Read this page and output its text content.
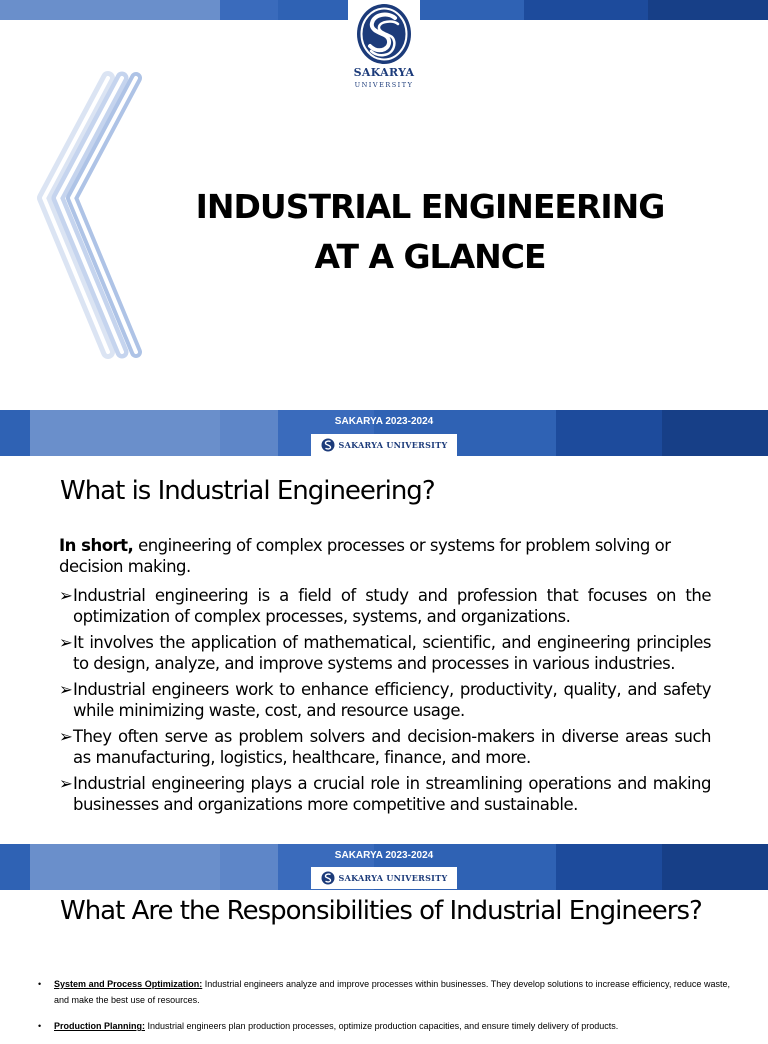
SAKARYA
UNIVERSITY
INDUSTRIAL ENGINEERING
AT A GLANCE
SAKARYA 2023-2024
SAKARYA UNIVERSITY
What is Industrial Engineering?

In short, engineering of complex processes or systems for problem solving or decision making.

➢Industrial engineering is a field of study and profession that focuses on the optimization of complex processes, systems, and organizations.

➢It involves the application of mathematical, scientific, and engineering principles to design, analyze, and improve systems and processes in various industries.

➢Industrial engineers work to enhance efficiency, productivity, quality, and safety while minimizing waste, cost, and resource usage.

➢They often serve as problem solvers and decision-makers in diverse areas such as manufacturing, logistics, healthcare, finance, and more.

➢Industrial engineering plays a crucial role in streamlining operations and making businesses and organizations more competitive and sustainable.

SAKARYA 2023-2024
SAKARYA UNIVERSITY
What Are the Responsibilities of Industrial Engineers?
• System and Process Optimization: Industrial engineers analyze and improve processes within businesses. They develop solutions to increase efficiency, reduce waste, and make the best use of resources.
• Production Planning: Industrial engineers plan production processes, optimize production capacities, and ensure timely delivery of products.
